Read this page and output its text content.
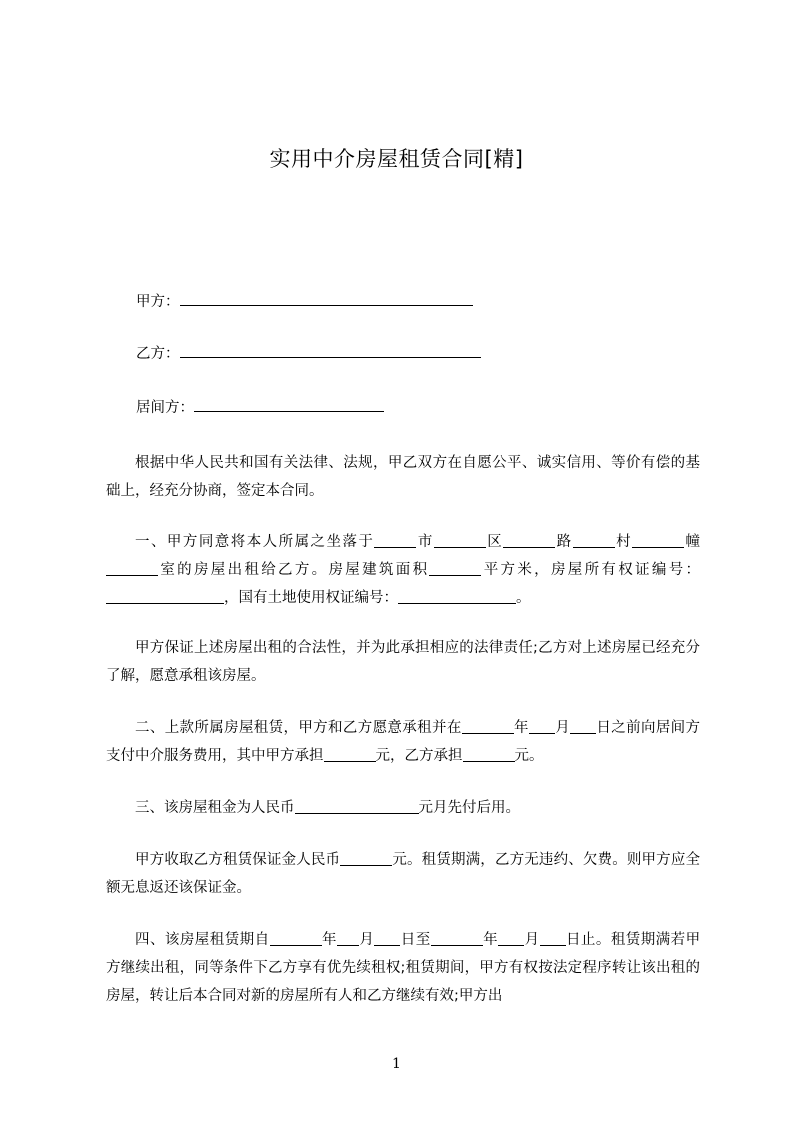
实用中介房屋租赁合同[精]
甲方：
乙方：
居间方：

根据中华人民共和国有关法律、法规，甲乙双方在自愿公平、诚实信用、等价有偿的基础上，经充分协商，签定本合同。

一、甲方同意将本人所属之坐落于	市	区	路	村	幢室的房屋出租给乙方。房屋建筑面积	平方米，房屋所有权证编号：，国有土地使用权证编号：	。

甲方保证上述房屋出租的合法性，并为此承担相应的法律责任;乙方对上述房屋已经充分了解，愿意承租该房屋。

二、上款所属房屋租赁，甲方和乙方愿意承租并在	年 月 日之前向居间方支付中介服务费用，其中甲方承担	元，乙方承担	元。

三、该房屋租金为人民币	元月先付后用。

甲方收取乙方租赁保证金人民币	元。租赁期满，乙方无违约、欠费。则甲方应全额无息返还该保证金。

四、该房屋租赁期自	年 月 日至	年 月 日止。租赁期满若甲方继续出租，同等条件下乙方享有优先续租权;租赁期间，甲方有权按法定程序转让该出租的房屋，转让后本合同对新的房屋所有人和乙方继续有效;甲方出

1
